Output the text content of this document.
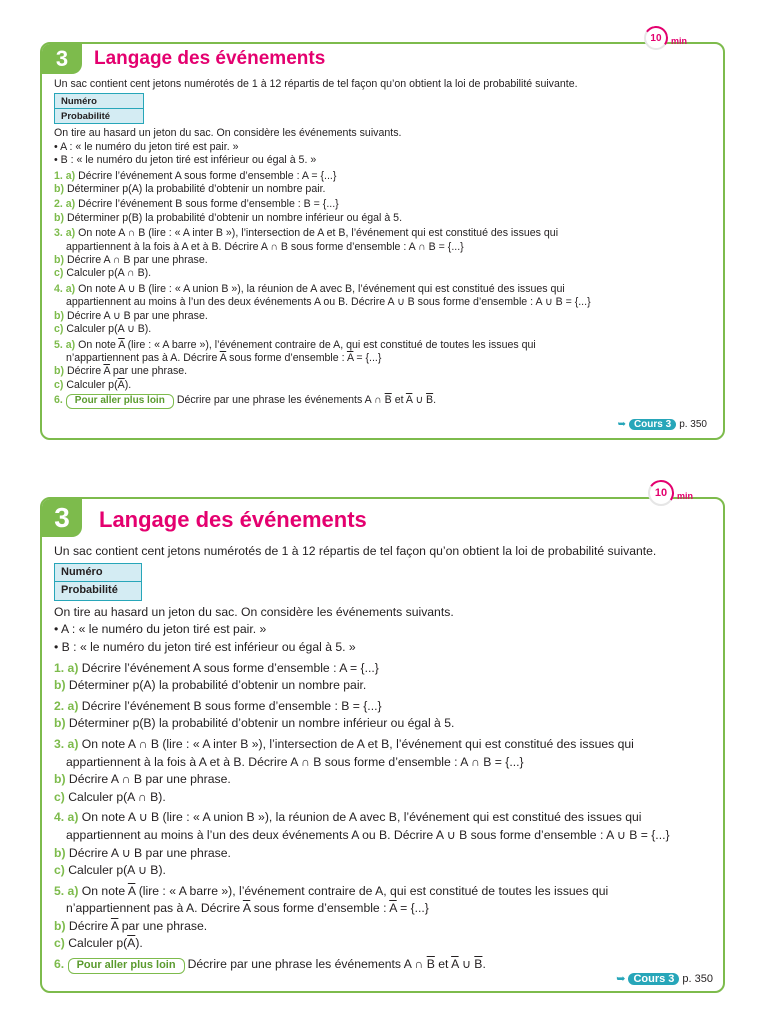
3	Langage des événements
10 min

Un sac contient cent jetons numérotés de 1 à 12 répartis de tel façon qu’on obtient la loi de probabilité suivante.

Numéro
Probabilité

On tire au hasard un jeton du sac. On considère les événements suivants.

• A : « le numéro du jeton tiré est pair. »

• B : « le numéro du jeton tiré est inférieur ou égal à 5. »

1. a) Décrire l’événement A sous forme d’ensemble : A = {...}

b) Déterminer p(A) la probabilité d’obtenir un nombre pair.

2. a) Décrire l’événement B sous forme d’ensemble : B = {...}

b) Déterminer p(B) la probabilité d’obtenir un nombre inférieur ou égal à 5.

3. a) On note A ∩ B (lire : « A inter B »), l’intersection de A et B, l’événement qui est constitué des issues qui

appartiennent à la fois à A et à B. Décrire A ∩ B sous forme d’ensemble : A ∩ B = {...}

b) Décrire A ∩ B par une phrase.

c) Calculer p(A ∩ B).

4. a) On note A ∪ B (lire : « A union B »), la réunion de A avec B, l’événement qui est constitué des issues qui

appartiennent au moins à l’un des deux événements A ou B. Décrire A ∪ B sous forme d’ensemble : A ∪ B = {...}

b) Décrire A ∪ B par une phrase.

c) Calculer p(A ∪ B).

5. a) On note $\overline{A}$ (lire : « A barre »), l’événement contraire de A, qui est constitué de toutes les issues qui

n’appartiennent pas à A. Décrire $\overline{A}$ sous forme d’ensemble : $\overline{A}$ = {...}

b) Décrire $\overline{A}$ par une phrase.

c) Calculer $p(\overline{A})$.

6. Pour aller plus loin Décrire par une phrase les événements A ∩ $\overline{B}$ et $\overline{A}$ ∪ $\overline{B}$.

➥ Cours 3 p. 350
3	Langage des événements
10 min

Un sac contient cent jetons numérotés de 1 à 12 répartis de tel façon qu’on obtient la loi de probabilité suivante.

Numéro
Probabilité

On tire au hasard un jeton du sac. On considère les événements suivants.

• A : « le numéro du jeton tiré est pair. »

• B : « le numéro du jeton tiré est inférieur ou égal à 5. »

1. a) Décrire l’événement A sous forme d’ensemble : A = {...}

b) Déterminer p(A) la probabilité d’obtenir un nombre pair.

2. a) Décrire l’événement B sous forme d’ensemble : B = {...}

b) Déterminer p(B) la probabilité d’obtenir un nombre inférieur ou égal à 5.

3. a) On note A ∩ B (lire : « A inter B »), l’intersection de A et B, l’événement qui est constitué des issues qui

appartiennent à la fois à A et à B. Décrire A ∩ B sous forme d’ensemble : A ∩ B = {...}

b) Décrire A ∩ B par une phrase.

c) Calculer p(A ∩ B).

4. a) On note A ∪ B (lire : « A union B »), la réunion de A avec B, l’événement qui est constitué des issues qui

appartiennent au moins à l’un des deux événements A ou B. Décrire A ∪ B sous forme d’ensemble : A ∪ B = {...}

b) Décrire A ∪ B par une phrase.

c) Calculer p(A ∪ B).

5. a) On note $\overline{A}$ (lire : « A barre »), l’événement contraire de A, qui est constitué de toutes les issues qui

n’appartiennent pas à A. Décrire $\overline{A}$ sous forme d’ensemble : $\overline{A}$ = {...}

b) Décrire $\overline{A}$ par une phrase.

c) Calculer $p(\overline{A})$.

6. Pour aller plus loin Décrire par une phrase les événements A ∩ $\overline{B}$ et $\overline{A}$ ∪ $\overline{B}$.

➥ Cours 3 p. 350
